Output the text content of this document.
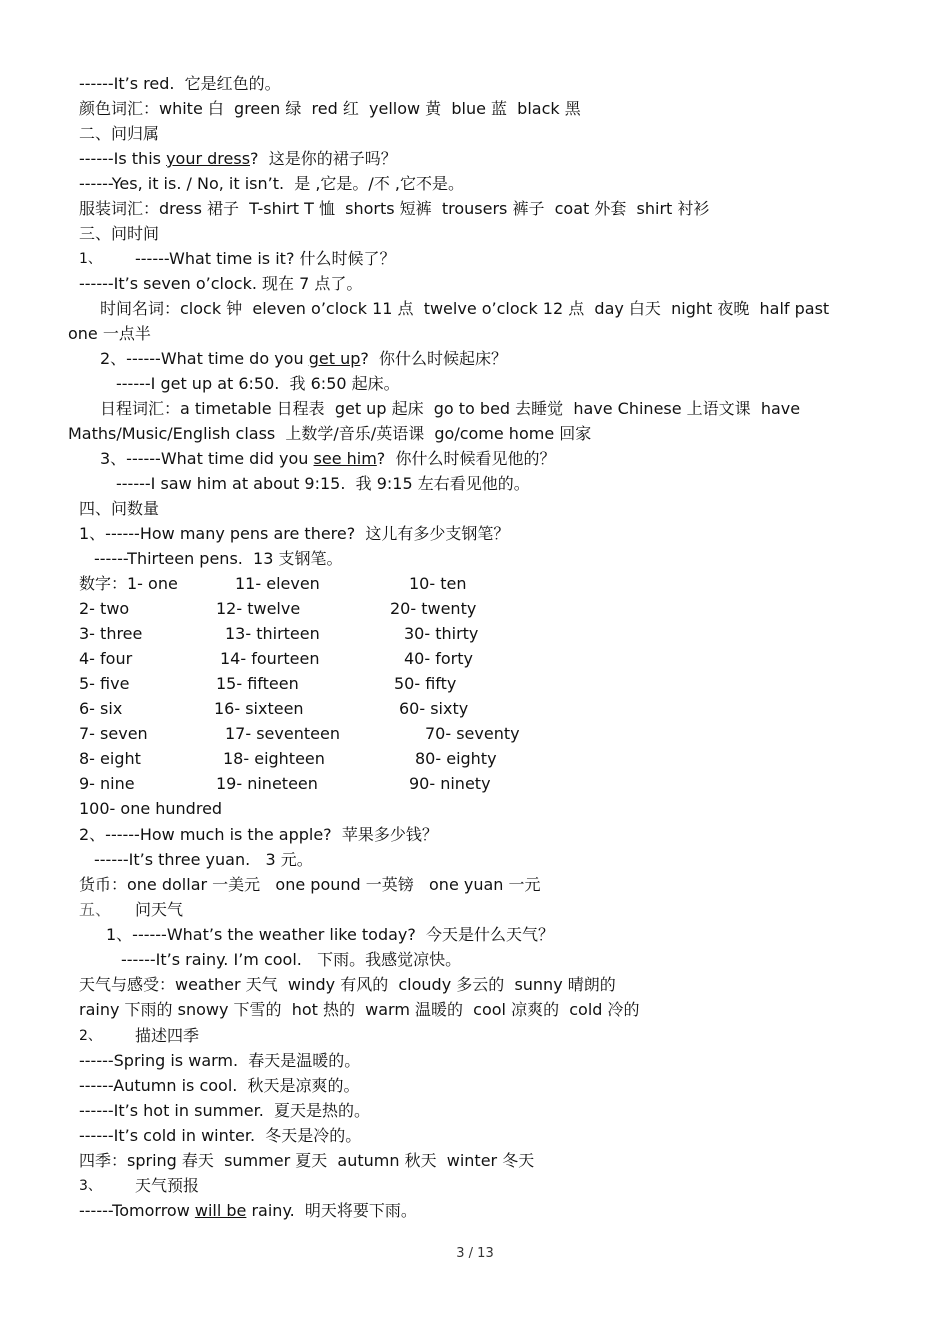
------It’s red.  它是红色的。
颜色词汇：white 白  green 绿  red 红  yellow 黄  blue 蓝  black 黑
二、问归属
------Is this your dress?  这是你的裙子吗？
------Yes, it is. / No, it isn’t.  是 ,它是。/不 ,它不是。
服装词汇：dress 裙子  T-shirt T 恤  shorts 短裤  trousers 裤子  coat 外套  shirt 衬衫
三、问时间
1、 ------What time is it? 什么时候了？
------It’s seven o’clock. 现在 7 点了。
时间名词：clock 钟  eleven o’clock 11 点  twelve o’clock 12 点  day 白天  night 夜晚  half past
one 一点半
2、------What time do you get up?  你什么时候起床？
------I get up at 6:50.  我 6:50 起床。
日程词汇：a timetable 日程表  get up 起床  go to bed 去睡觉  have Chinese 上语文课  have
Maths/Music/English class  上数学/音乐/英语课  go/come home 回家
3、------What time did you see him?  你什么时候看见他的？
------I saw him at about 9:15.  我 9:15 左右看见他的。
四、问数量
1、------How many pens are there?  这儿有多少支钢笔？
------Thirteen pens.  13 支钢笔。
数字：1- one	11- eleven	10- ten
2- two	12- twelve	20- twenty
3- three	13- thirteen	30- thirty
4- four	14- fourteen	40- forty
5- five	15- fifteen	50- fifty
6- six	16- sixteen	60- sixty
7- seven	17- seventeen	70- seventy
8- eight	18- eighteen	80- eighty
9- nine	19- nineteen	90- ninety
100- one hundred
2、------How much is the apple?  苹果多少钱？
------It’s three yuan.   3 元。
货币：one dollar 一美元   one pound 一英镑   one yuan 一元
五、 问天气
1、------What’s the weather like today?  今天是什么天气？
------It’s rainy. I’m cool.   下雨。我感觉凉快。
天气与感受：weather 天气  windy 有风的  cloudy 多云的  sunny 晴朗的
rainy 下雨的 snowy 下雪的  hot 热的  warm 温暖的  cool 凉爽的  cold 冷的
2、 描述四季
------Spring is warm.  春天是温暖的。
------Autumn is cool.  秋天是凉爽的。
------It’s hot in summer.  夏天是热的。
------It’s cold in winter.  冬天是冷的。
四季：spring 春天  summer 夏天  autumn 秋天  winter 冬天
3、 天气预报
------Tomorrow will be rainy.  明天将要下雨。
3 / 13
